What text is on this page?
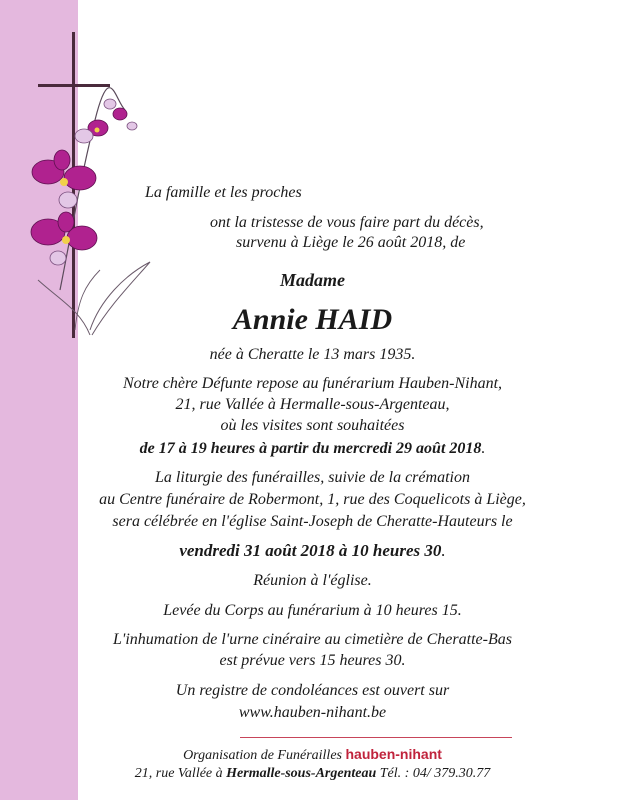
La famille et les proches
ont la tristesse de vous faire part du décès,
survenu à Liège le 26 août 2018, de
Madame
Annie HAID
née à Cheratte le 13 mars 1935.
Notre chère Défunte repose au funérarium Hauben-Nihant,
21, rue Vallée à Hermalle-sous-Argenteau,
où les visites sont souhaitées
de 17 à 19 heures à partir du mercredi 29 août 2018.
La liturgie des funérailles, suivie de la crémation
au Centre funéraire de Robermont, 1, rue des Coquelicots à Liège,
sera célébrée en l'église Saint-Joseph de Cheratte-Hauteurs le
vendredi 31 août 2018 à 10 heures 30.
Réunion à l'église.
Levée du Corps au funérarium à 10 heures 15.
L'inhumation de l'urne cinéraire au cimetière de Cheratte-Bas
est prévue vers 15 heures 30.
Un registre de condoléances est ouvert sur
www.hauben-nihant.be
Organisation de Funérailles hauben-nihant
21, rue Vallée à Hermalle-sous-Argenteau Tél. : 04/ 379.30.77
